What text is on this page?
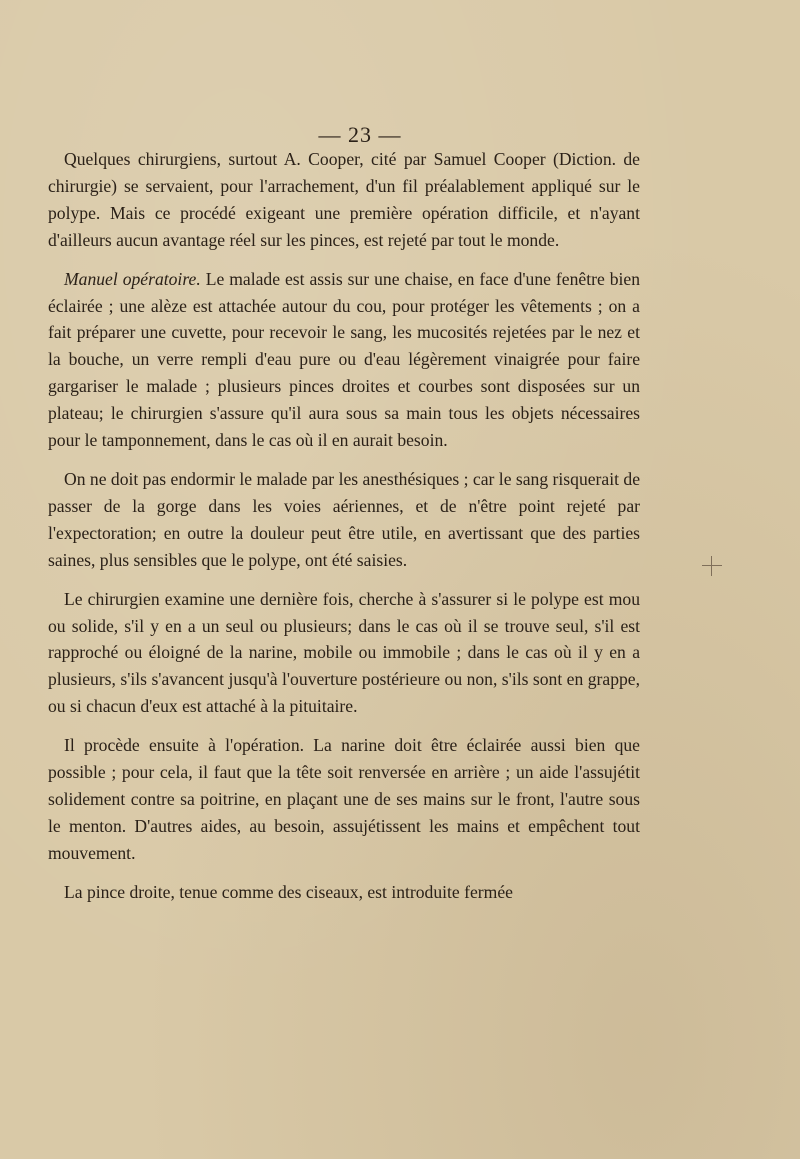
— 23 —

Quelques chirurgiens, surtout A. Cooper, cité par Samuel Cooper (Diction. de chirurgie) se servaient, pour l'arrachement, d'un fil préalablement appliqué sur le polype. Mais ce procédé exigeant une première opération difficile, et n'ayant d'ailleurs aucun avantage réel sur les pinces, est rejeté par tout le monde.

Manuel opératoire. Le malade est assis sur une chaise, en face d'une fenêtre bien éclairée ; une alèze est attachée autour du cou, pour protéger les vêtements ; on a fait préparer une cuvette, pour recevoir le sang, les mucosités rejetées par le nez et la bouche, un verre rempli d'eau pure ou d'eau légèrement vinaigrée pour faire gargariser le malade ; plusieurs pinces droites et courbes sont disposées sur un plateau; le chirurgien s'assure qu'il aura sous sa main tous les objets nécessaires pour le tamponnement, dans le cas où il en aurait besoin.

On ne doit pas endormir le malade par les anesthésiques ; car le sang risquerait de passer de la gorge dans les voies aériennes, et de n'être point rejeté par l'expectoration; en outre la douleur peut être utile, en avertissant que des parties saines, plus sensibles que le polype, ont été saisies.

Le chirurgien examine une dernière fois, cherche à s'assurer si le polype est mou ou solide, s'il y en a un seul ou plusieurs; dans le cas où il se trouve seul, s'il est rapproché ou éloigné de la narine, mobile ou immobile ; dans le cas où il y en a plusieurs, s'ils s'avancent jusqu'à l'ouverture postérieure ou non, s'ils sont en grappe, ou si chacun d'eux est attaché à la pituitaire.

Il procède ensuite à l'opération. La narine doit être éclairée aussi bien que possible ; pour cela, il faut que la tête soit renversée en arrière ; un aide l'assujétit solidement contre sa poitrine, en plaçant une de ses mains sur le front, l'autre sous le menton. D'autres aides, au besoin, assujétissent les mains et empêchent tout mouvement.

La pince droite, tenue comme des ciseaux, est introduite fermée
